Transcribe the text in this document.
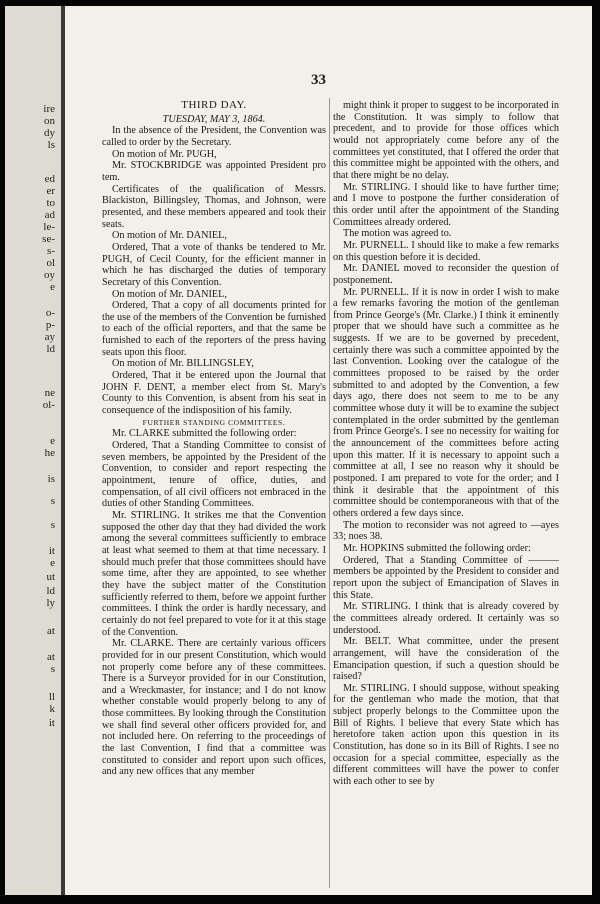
ire
on
dy
ls
ed
er
to
ad
le-
se-
s-
ol
oy
e
o-
p-
ay
ld
ne
ol-
e
he
is
s
s
it
e
ut
ld
ly
at
at
s
ll
k
it
33

THIRD DAY.

TUESDAY, MAY 3, 1864.

In the absence of the President, the Convention was called to order by the Secretary.

On motion of Mr. PUGH,

Mr. STOCKBRIDGE was appointed President pro tem.

Certificates of the qualification of Messrs. Blackiston, Billingsley, Thomas, and Johnson, were presented, and these members appeared and took their seats.

On motion of Mr. DANIEL,

Ordered, That a vote of thanks be tendered to Mr. PUGH, of Cecil County, for the efficient manner in which he has discharged the duties of temporary Secretary of this Convention.

On motion of Mr. DANIEL,

Ordered, That a copy of all documents printed for the use of the members of the Convention be furnished to each of the official reporters, and that the same be furnished to each of the reporters of the press having seats upon this floor.

On motion of Mr. BILLINGSLEY,

Ordered, That it be entered upon the Journal that JOHN F. DENT, a member elect from St. Mary's County to this Convention, is absent from his seat in consequence of the indisposition of his family.

FURTHER STANDING COMMITTEES.

Mr. CLARKE submitted the following order:

Ordered, That a Standing Committee to consist of seven members, be appointed by the President of the Convention, to consider and report respecting the appointment, tenure of office, duties, and compensation, of all civil officers not embraced in the duties of other Standing Committees.

Mr. STIRLING. It strikes me that the Convention supposed the other day that they had divided the work among the several committees sufficiently to embrace at least what seemed to them at that time necessary. I should much prefer that those committees should have some time, after they are appointed, to see whether they have the subject matter of the Constitution sufficiently referred to them, before we appoint further committees. I think the order is hardly necessary, and certainly do not feel prepared to vote for it at this stage of the Convention.

Mr. CLARKE. There are certainly various officers provided for in our present Constitution, which would not properly come before any of these committees. There is a Surveyor provided for in our Constitution, and a Wreckmaster, for instance; and I do not know whether constable would properly belong to any of those committees. By looking through the Constitution we shall find several other officers provided for, and not included here. On referring to the proceedings of the last Convention, I find that a committee was constituted to consider and report upon such offices, and any new offices that any member

might think it proper to suggest to be incorporated in the Constitution. It was simply to follow that precedent, and to provide for those offices which would not appropriately come before any of the committees yet constituted, that I offered the order that this committee might be appointed with the others, and that there might be no delay.

Mr. STIRLING. I should like to have further time; and I move to postpone the further consideration of this order until after the appointment of the Standing Committees already ordered.

The motion was agreed to.

Mr. PURNELL. I should like to make a few remarks on this question before it is decided.

Mr. DANIEL moved to reconsider the question of postponement.

Mr. PURNELL. If it is now in order I wish to make a few remarks favoring the motion of the gentleman from Prince George's (Mr. Clarke.) I think it eminently proper that we should have such a committee as he suggests. If we are to be governed by precedent, certainly there was such a committee appointed by the last Convention. Looking over the catalogue of the committees proposed to be raised by the order submitted to and adopted by the Convention, a few days ago, there does not seem to me to be any committee whose duty it will be to examine the subject contemplated in the order submitted by the gentleman from Prince George's. I see no necessity for waiting for the announcement of the committees before acting upon this matter. If it is necessary to appoint such a committee at all, I see no reason why it should be postponed. I am prepared to vote for the order; and I think it desirable that the appointment of this committee should be contemporaneous with that of the others ordered a few days since.

The motion to reconsider was not agreed to —ayes 33; noes 38.

Mr. HOPKINS submitted the following order:

Ordered, That a Standing Committee of ——— members be appointed by the President to consider and report upon the subject of Emancipation of Slaves in this State.

Mr. STIRLING. I think that is already covered by the committees already ordered. It certainly was so understood.

Mr. BELT. What committee, under the present arrangement, will have the consideration of the Emancipation question, if such a question should be raised?

Mr. STIRLING. I should suppose, without speaking for the gentleman who made the motion, that that subject properly belongs to the Committee upon the Bill of Rights. I believe that every State which has heretofore taken action upon this question in its Constitution, has done so in its Bill of Rights. I see no occasion for a special committee, especially as the different committees will have the power to confer with each other to see by
